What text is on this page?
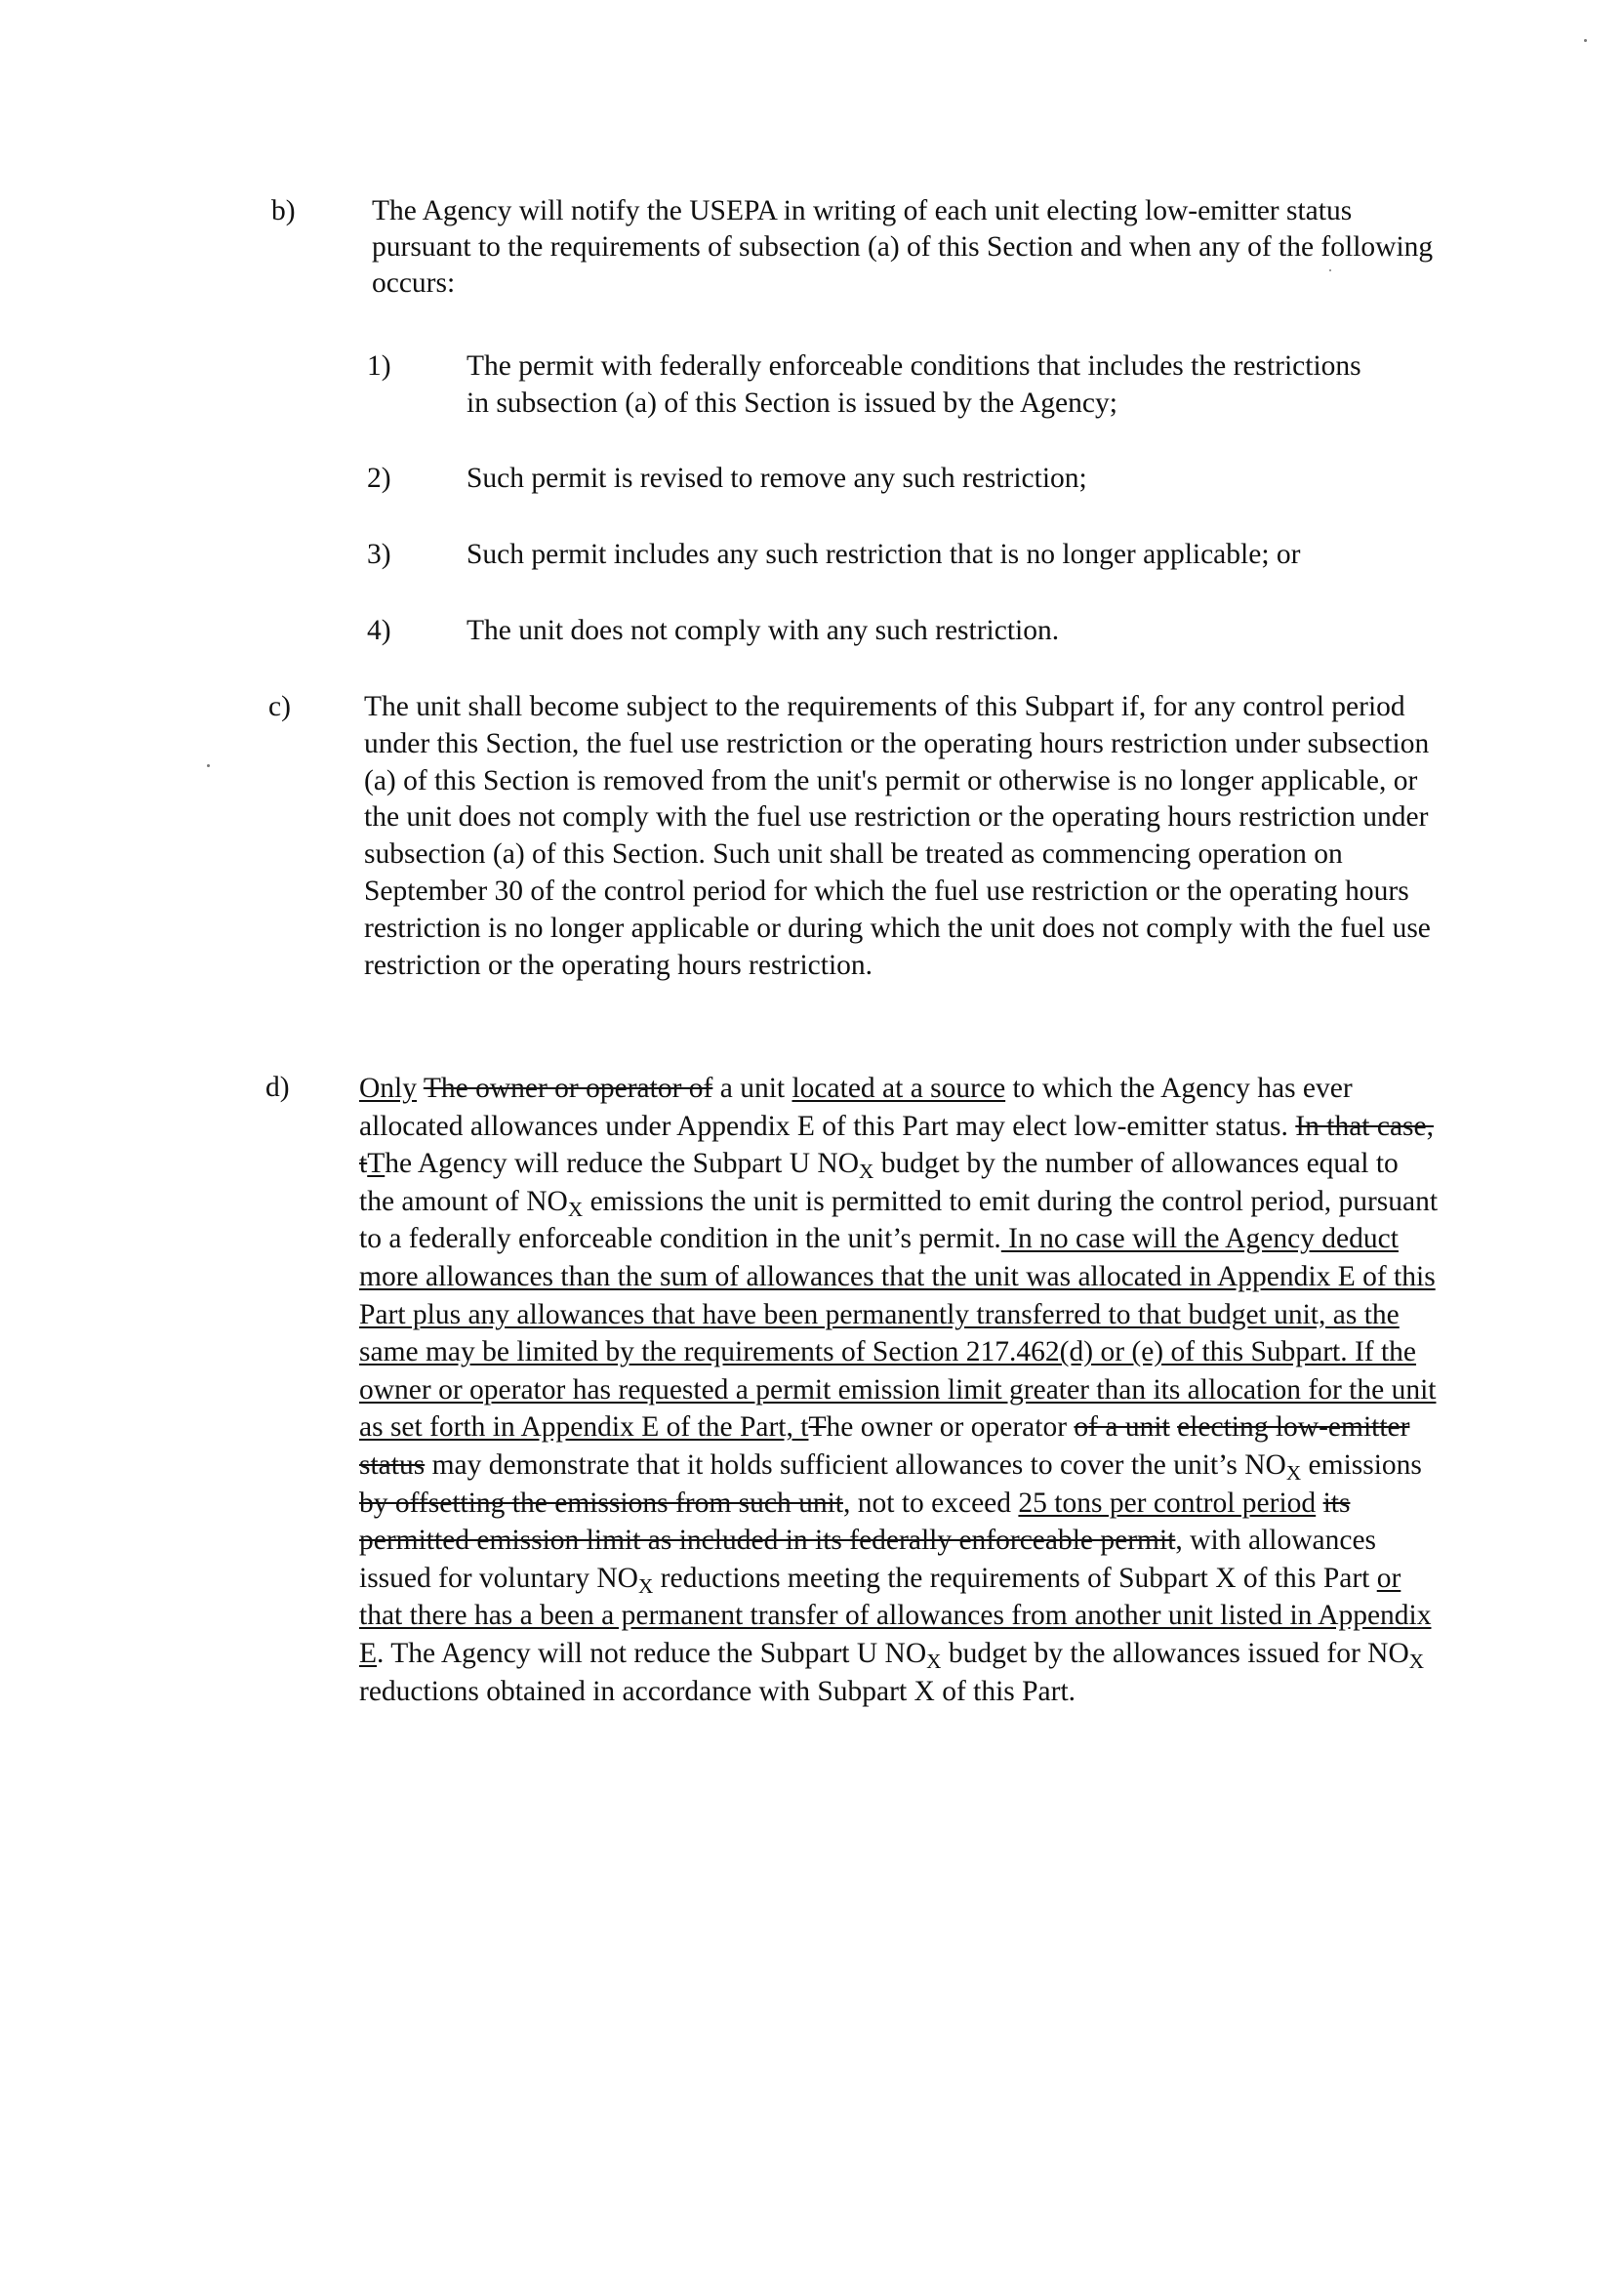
b)	The Agency will notify the USEPA in writing of each unit electing low-emitter status pursuant to the requirements of subsection (a) of this Section and when any of the following occurs:
1)	The permit with federally enforceable conditions that includes the restrictions in subsection (a) of this Section is issued by the Agency;
2)	Such permit is revised to remove any such restriction;
3)	Such permit includes any such restriction that is no longer applicable; or
4)	The unit does not comply with any such restriction.
c)	The unit shall become subject to the requirements of this Subpart if, for any control period under this Section, the fuel use restriction or the operating hours restriction under subsection (a) of this Section is removed from the unit's permit or otherwise is no longer applicable, or the unit does not comply with the fuel use restriction or the operating hours restriction under subsection (a) of this Section. Such unit shall be treated as commencing operation on September 30 of the control period for which the fuel use restriction or the operating hours restriction is no longer applicable or during which the unit does not comply with the fuel use restriction or the operating hours restriction.
d) Only The owner or operator of a unit located at a source to which the Agency has ever allocated allowances under Appendix E of this Part may elect low-emitter status. In that case, tThe Agency will reduce the Subpart U $NO_X$ budget by the number of allowances equal to the amount of $NO_X$ emissions the unit is permitted to emit during the control period, pursuant to a federally enforceable condition in the unit’s permit. In no case will the Agency deduct more allowances than the sum of allowances that the unit was allocated in Appendix E of this Part plus any allowances that have been permanently transferred to that budget unit, as the same may be limited by the requirements of Section 217.462(d) or (e) of this Subpart. If the owner or operator has requested a permit emission limit greater than its allocation for the unit as set forth in Appendix E of the Part, tThe owner or operator of a unit electing low-emitter status may demonstrate that it holds sufficient allowances to cover the unit’s $NO_X$ emissions by offsetting the emissions from such unit, not to exceed 25 tons per control period its permitted emission limit as included in its federally enforceable permit, with allowances issued for voluntary $NO_X$ reductions meeting the requirements of Subpart X of this Part or that there has a been a permanent transfer of allowances from another unit listed in Appendix E. The Agency will not reduce the Subpart U $NO_X$ budget by the allowances issued for $NO_X$ reductions obtained in accordance with Subpart X of this Part.
